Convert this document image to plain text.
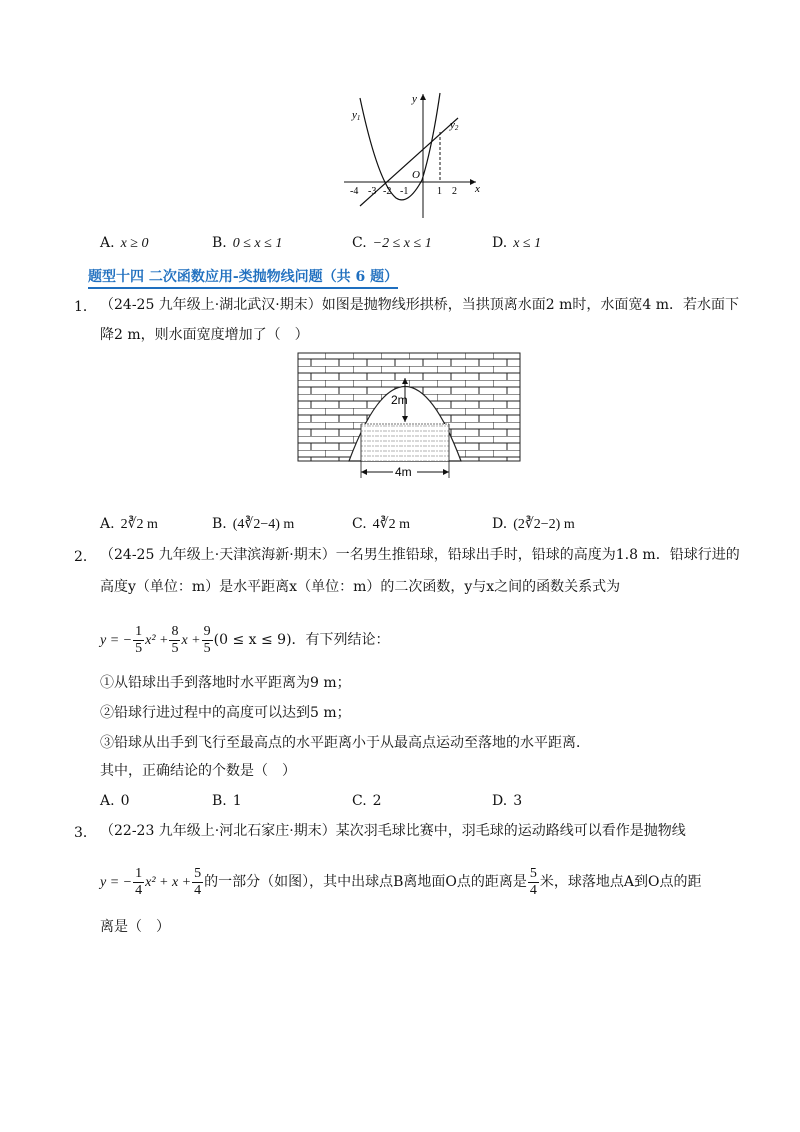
y1
y2
y
x
O
-4 -3 -2 -1	1 2
A. x ≥ 0	B. 0 ≤ x ≤ 1	C. −2 ≤ x ≤ 1	D. x ≤ 1
题型十四 二次函数应用-类抛物线问题（共 6 题）
1． （24-25 九年级上·湖北武汉·期末）如图是抛物线形拱桥，当拱顶离水面2 m时，水面宽4 m．若水面下
降2 m，则水面宽度增加了（　）
2m
4m
A. 2∛2 m	B. (4∛2−4) m	C. 4∛2 m	D. (2∛2−2) m
2． （24-25 九年级上·天津滨海新·期末）一名男生推铅球，铅球出手时，铅球的高度为1.8 m．铅球行进的
高度y（单位：m）是水平距离x（单位：m）的二次函数，y与x之间的函数关系式为
y = − $\frac{1}{5} x^2 + \frac{8}{5}$ $x + \frac{9}{5} (0 \le x \le 9)$．有下列结论：
①从铅球出手到落地时水平距离为9 m；
②铅球行进过程中的高度可以达到5 m；
③铅球从出手到飞行至最高点的水平距离小于从最高点运动至落地的水平距离．
其中，正确结论的个数是（　）
A. 0	B. 1	C. 2	D. 3
3． （22-23 九年级上·河北石家庄·期末）某次羽毛球比赛中，羽毛球的运动路线可以看作是抛物线
y = − $\frac{1}{4} x^2 + x + \frac{5}{4}$ 的一部分（如图），其中出球点B离地面O点的距离是 $\frac{5}{4}$ 米，球落地点A到O点的距
离是（　）
